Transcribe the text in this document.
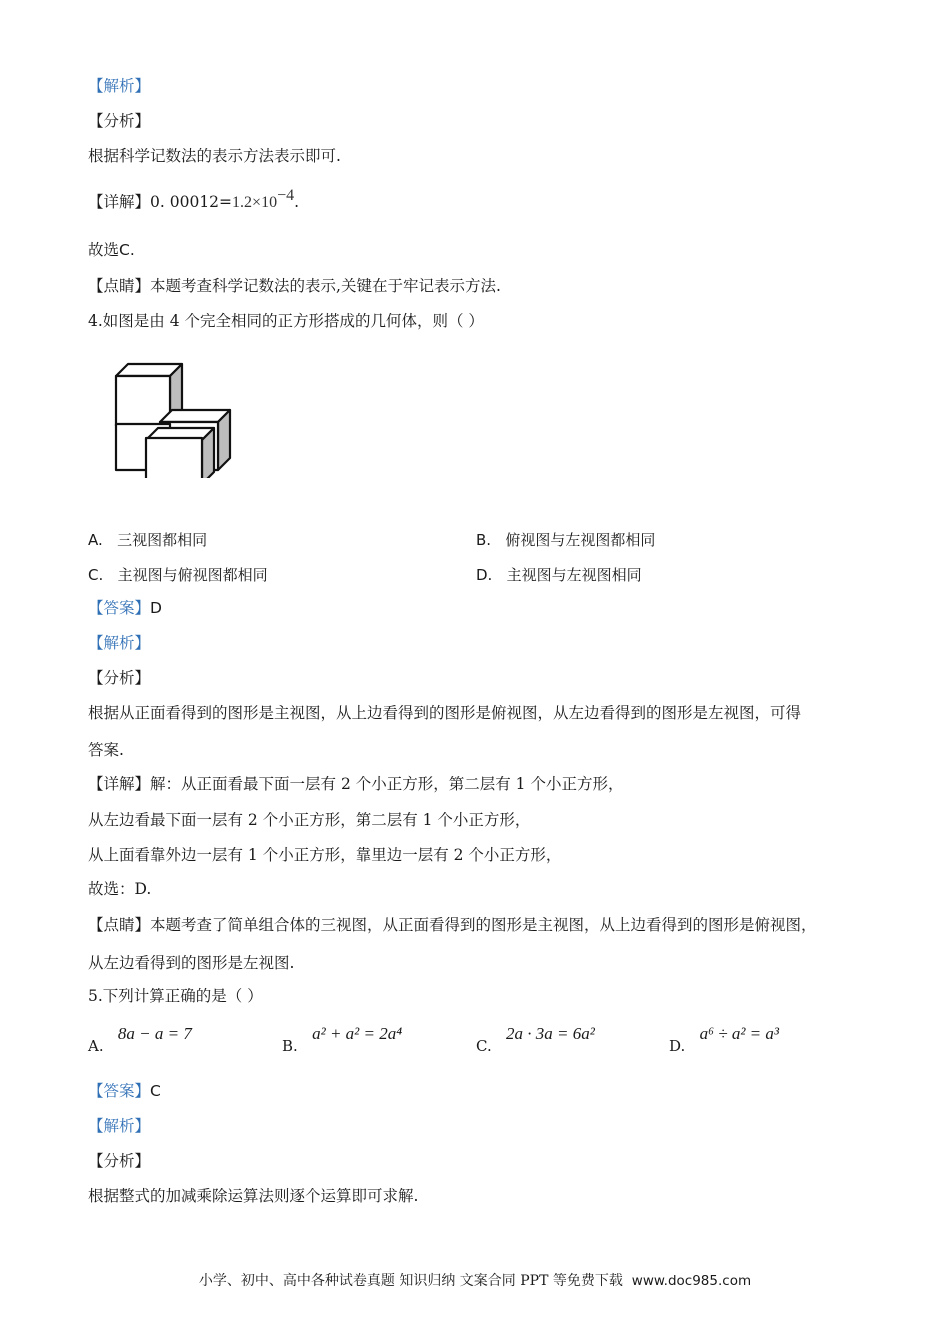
【解析】
【分析】
根据科学记数法的表示方法表示即可.
【详解】0. $00012=1.2\times 10^{-4}$.
故选C.
【点睛】本题考查科学记数法的表示,关键在于牢记表示方法.
4.如图是由 4 个完全相同的正方形搭成的几何体，则（ ）
A. 三视图都相同	B. 俯视图与左视图都相同
C. 主视图与俯视图都相同	D. 主视图与左视图相同
【答案】D
【解析】
【分析】
根据从正面看得到的图形是主视图，从上边看得到的图形是俯视图，从左边看得到的图形是左视图，可得
答案.
【详解】解：从正面看最下面一层有 2 个小正方形，第二层有 1 个小正方形，
从左边看最下面一层有 2 个小正方形，第二层有 1 个小正方形，
从上面看靠外边一层有 1 个小正方形，靠里边一层有 2 个小正方形，
故选：D.
【点睛】本题考查了简单组合体的三视图，从正面看得到的图形是主视图，从上边看得到的图形是俯视图，
从左边看得到的图形是左视图.
5.下列计算正确的是（ ）
A.   8a − a = 7
B.   a² + a² = 2a⁴
C.   2a · 3a = 6a²
D.   a⁶ ÷ a² = a³
【答案】C
【解析】
【分析】
根据整式的加减乘除运算法则逐个运算即可求解.
小学、初中、高中各种试卷真题 知识归纳 文案合同 PPT 等免费下载 www.doc985.com
